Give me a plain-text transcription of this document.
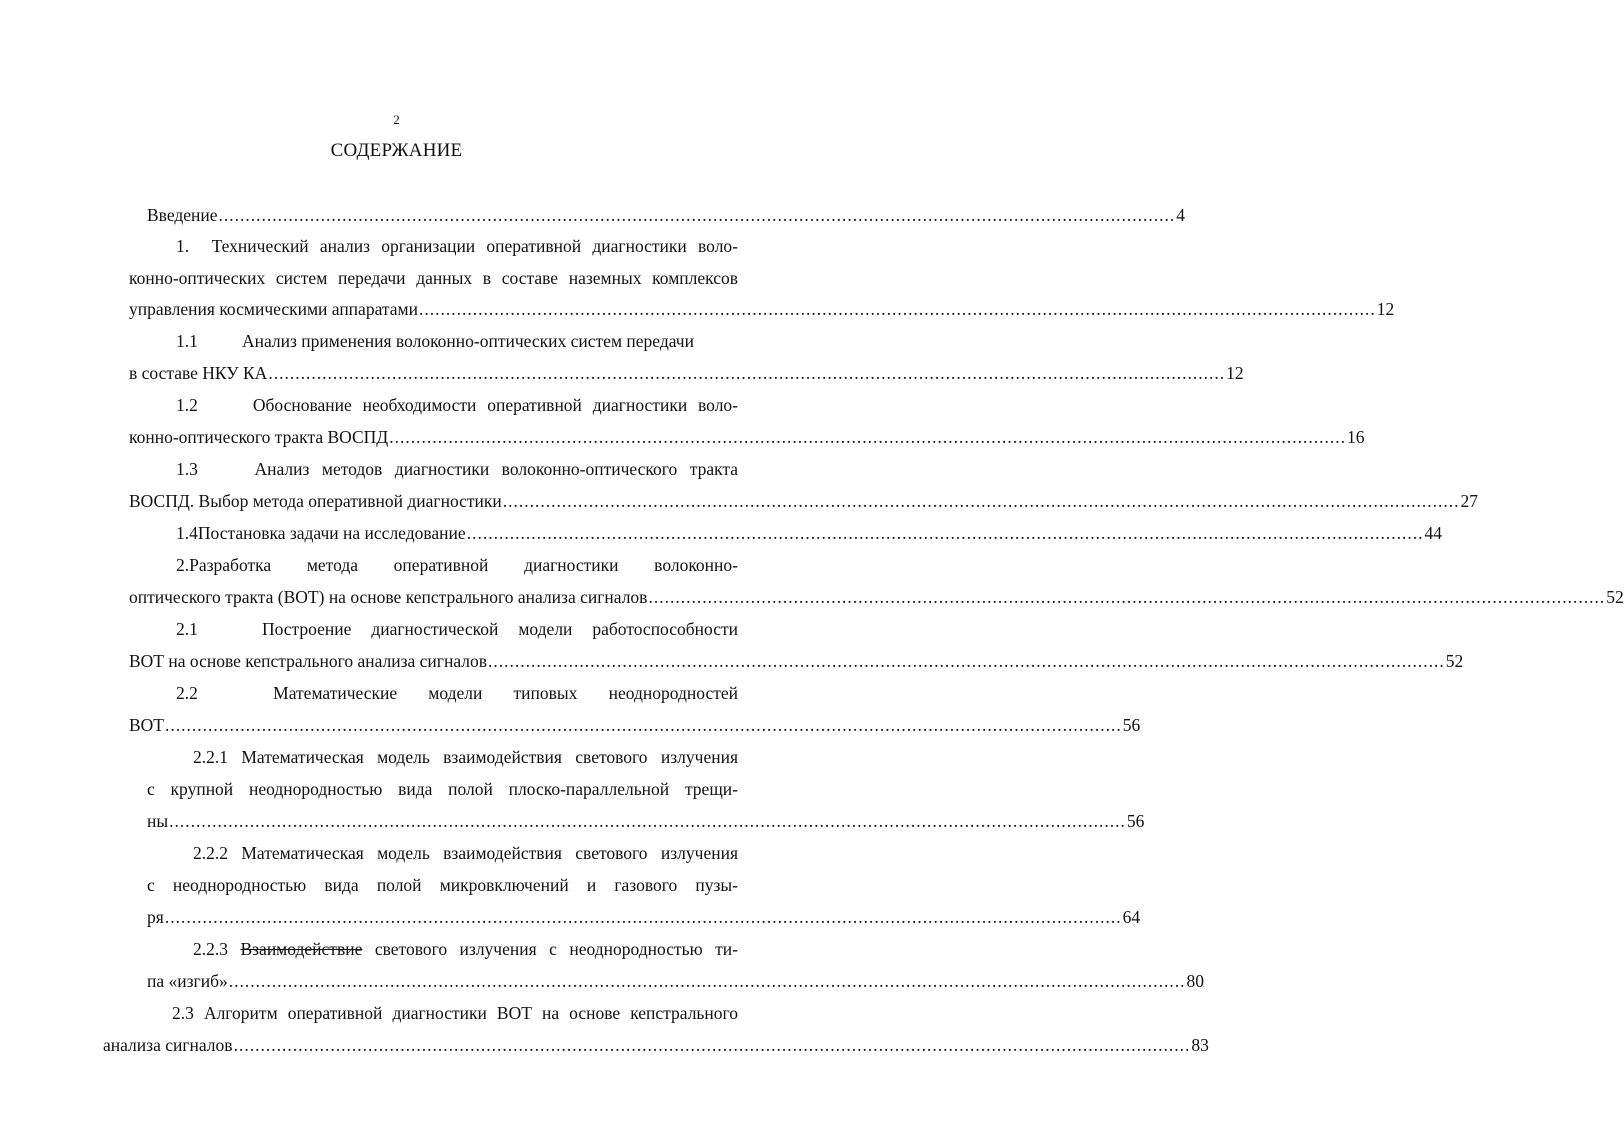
2
СОДЕРЖАНИЕ
Введение .................................................................................................................................................................................. 4
1. Технический анализ организации оперативной диагностики воло-
конно-оптических систем передачи данных в составе наземных комплексов
управления космическими аппаратами .................................................................................................................................................................................. 12
1.1	Анализ применения волоконно-оптических систем передачи
в составе НКУ КА .................................................................................................................................................................................. 12
1.2	Обоснование необходимости оперативной диагностики воло-
конно-оптического тракта ВОСПД .................................................................................................................................................................................. 16
1.3	Анализ методов диагностики волоконно-оптического тракта
ВОСПД. Выбор метода оперативной диагностики .................................................................................................................................................................................. 27
1.4 Постановка задачи на исследование .................................................................................................................................................................................. 44
2.Разработка метода оперативной диагностики волоконно-
оптического тракта (ВОТ) на основе кепстрального анализа сигналов .................................................................................................................................................................................. 52
2.1	Построение диагностической модели работоспособности
ВОТ на основе кепстрального анализа сигналов .................................................................................................................................................................................. 52
2.2	Математические модели типовых неоднородностей
ВОТ .................................................................................................................................................................................. 56
2.2.1 Математическая модель взаимодействия светового излучения
с крупной неоднородностью вида полой плоско-параллельной трещи-
ны .................................................................................................................................................................................. 56
2.2.2 Математическая модель взаимодействия светового излучения
с неоднородностью вида полой микровключений и газового пузы-
ря .................................................................................................................................................................................. 64
2.2.3 Взаимодействие светового излучения с неоднородностью ти-
па «изгиб» .................................................................................................................................................................................. 80
2.3 Алгоритм оперативной диагностики ВОТ на основе кепстрального
анализа сигналов .................................................................................................................................................................................. 83
